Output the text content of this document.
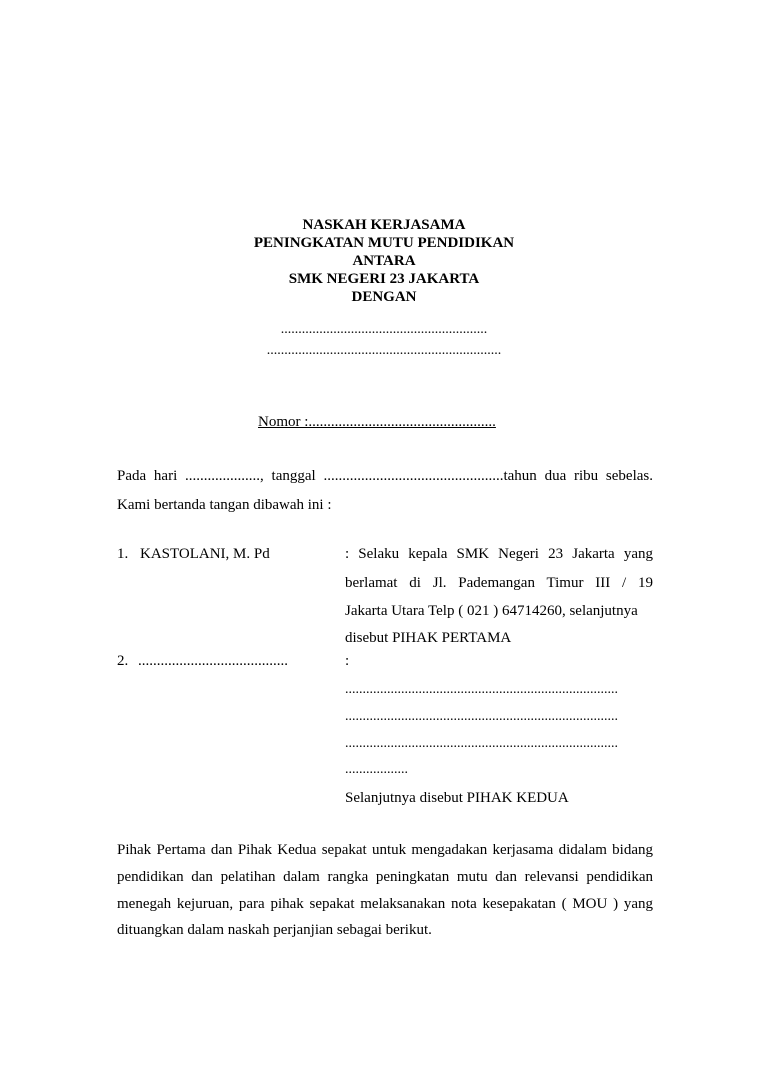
NASKAH KERJASAMA
PENINGKATAN MUTU PENDIDIKAN
ANTARA
SMK NEGERI 23 JAKARTA
DENGAN
...........................................................
...................................................................
Nomor :..................................................
Pada hari ...................., tanggal ................................................tahun dua ribu sebelas.
Kami bertanda tangan dibawah ini :
1. KASTOLANI, M. Pd	: Selaku kepala SMK Negeri 23 Jakarta yang
berlamat di Jl. Pademangan Timur III / 19
Jakarta Utara Telp ( 021 ) 64714260, selanjutnya
disebut PIHAK PERTAMA
2. ........................................	:
..............................................................................
..............................................................................
..............................................................................
..................
Selanjutnya disebut PIHAK KEDUA
Pihak Pertama dan Pihak Kedua sepakat untuk mengadakan kerjasama didalam bidang
pendidikan dan pelatihan dalam rangka peningkatan mutu dan relevansi pendidikan
menegah kejuruan, para pihak sepakat melaksanakan nota kesepakatan ( MOU ) yang
dituangkan dalam naskah perjanjian sebagai berikut.
